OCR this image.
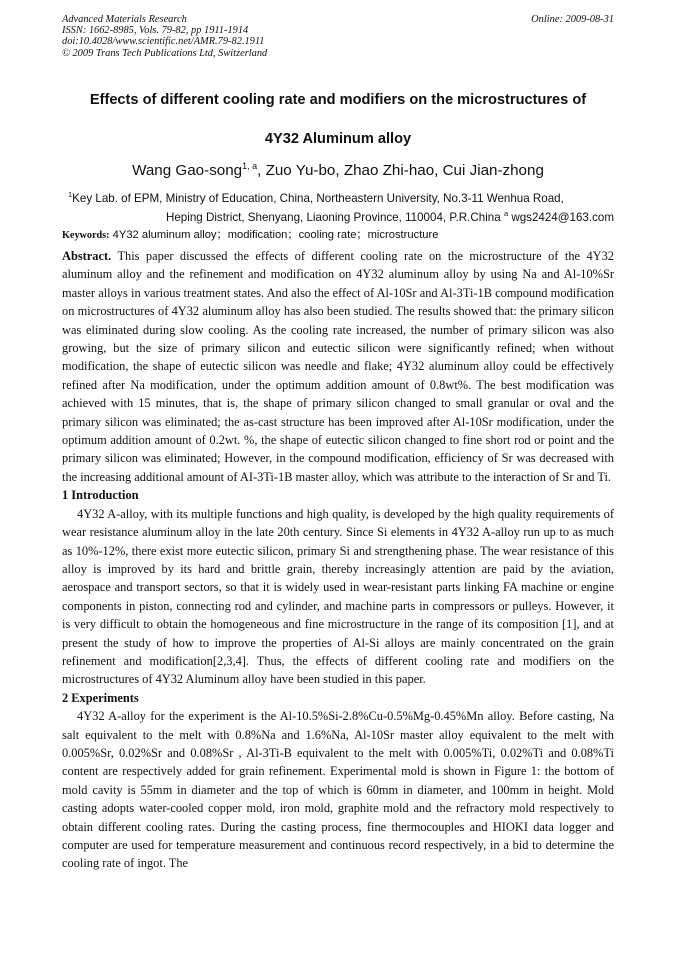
Advanced Materials Research
ISSN: 1662-8985, Vols. 79-82, pp 1911-1914
doi:10.4028/www.scientific.net/AMR.79-82.1911
© 2009 Trans Tech Publications Ltd, Switzerland
Online: 2009-08-31
Effects of different cooling rate and modifiers on the microstructures of
4Y32 Aluminum alloy
Wang Gao-song$^{1, a}$, Zuo Yu-bo, Zhao Zhi-hao, Cui Jian-zhong
$^1$Key Lab. of EPM, Ministry of Education, China, Northeastern University, No.3-11 Wenhua Road,
Heping District, Shenyang, Liaoning Province, 110004, P.R.China $^a$ wgs2424@163.com
Keywords: 4Y32 aluminum alloy；modification；cooling rate；microstructure

Abstract. This paper discussed the effects of different cooling rate on the microstructure of the 4Y32 aluminum alloy and the refinement and modification on 4Y32 aluminum alloy by using Na and Al-10%Sr master alloys in various treatment states. And also the effect of Al-10Sr and Al-3Ti-1B compound modification on microstructures of 4Y32 aluminum alloy has also been studied. The results showed that: the primary silicon was eliminated during slow cooling. As the cooling rate increased, the number of primary silicon was also growing, but the size of primary silicon and eutectic silicon were significantly refined; when without modification, the shape of eutectic silicon was needle and flake; 4Y32 aluminum alloy could be effectively refined after Na modification, under the optimum addition amount of 0.8wt%. The best modification was achieved with 15 minutes, that is, the shape of primary silicon changed to small granular or oval and the primary silicon was eliminated; the as-cast structure has been improved after Al-10Sr modification, under the optimum addition amount of 0.2wt. %, the shape of eutectic silicon changed to fine short rod or point and the primary silicon was eliminated; However, in the compound modification, efficiency of Sr was decreased with the increasing additional amount of AI-3Ti-1B master alloy, which was attribute to the interaction of Sr and Ti.

1 Introduction

4Y32 A-alloy, with its multiple functions and high quality, is developed by the high quality requirements of wear resistance aluminum alloy in the late 20th century. Since Si elements in 4Y32 A-alloy run up to as much as 10%-12%, there exist more eutectic silicon, primary Si and strengthening phase. The wear resistance of this alloy is improved by its hard and brittle grain, thereby increasingly attention are paid by the aviation, aerospace and transport sectors, so that it is widely used in wear-resistant parts linking FA machine or engine components in piston, connecting rod and cylinder, and machine parts in compressors or pulleys. However, it is very difficult to obtain the homogeneous and fine microstructure in the range of its composition [1], and at present the study of how to improve the properties of Al-Si alloys are mainly concentrated on the grain refinement and modification[2,3,4]. Thus, the effects of different cooling rate and modifiers on the microstructures of 4Y32 Aluminum alloy have been studied in this paper.

2 Experiments

4Y32 A-alloy for the experiment is the Al-10.5%Si-2.8%Cu-0.5%Mg-0.45%Mn alloy. Before casting, Na salt equivalent to the melt with 0.8%Na and 1.6%Na, Al-10Sr master alloy equivalent to the melt with 0.005%Sr, 0.02%Sr and 0.08%Sr , Al-3Ti-B equivalent to the melt with 0.005%Ti, 0.02%Ti and 0.08%Ti content are respectively added for grain refinement. Experimental mold is shown in Figure 1: the bottom of mold cavity is 55mm in diameter and the top of which is 60mm in diameter, and 100mm in height. Mold casting adopts water-cooled copper mold, iron mold, graphite mold and the refractory mold respectively to obtain different cooling rates. During the casting process, fine thermocouples and HIOKI data logger and computer are used for temperature measurement and continuous record respectively, in a bid to determine the cooling rate of ingot. The
